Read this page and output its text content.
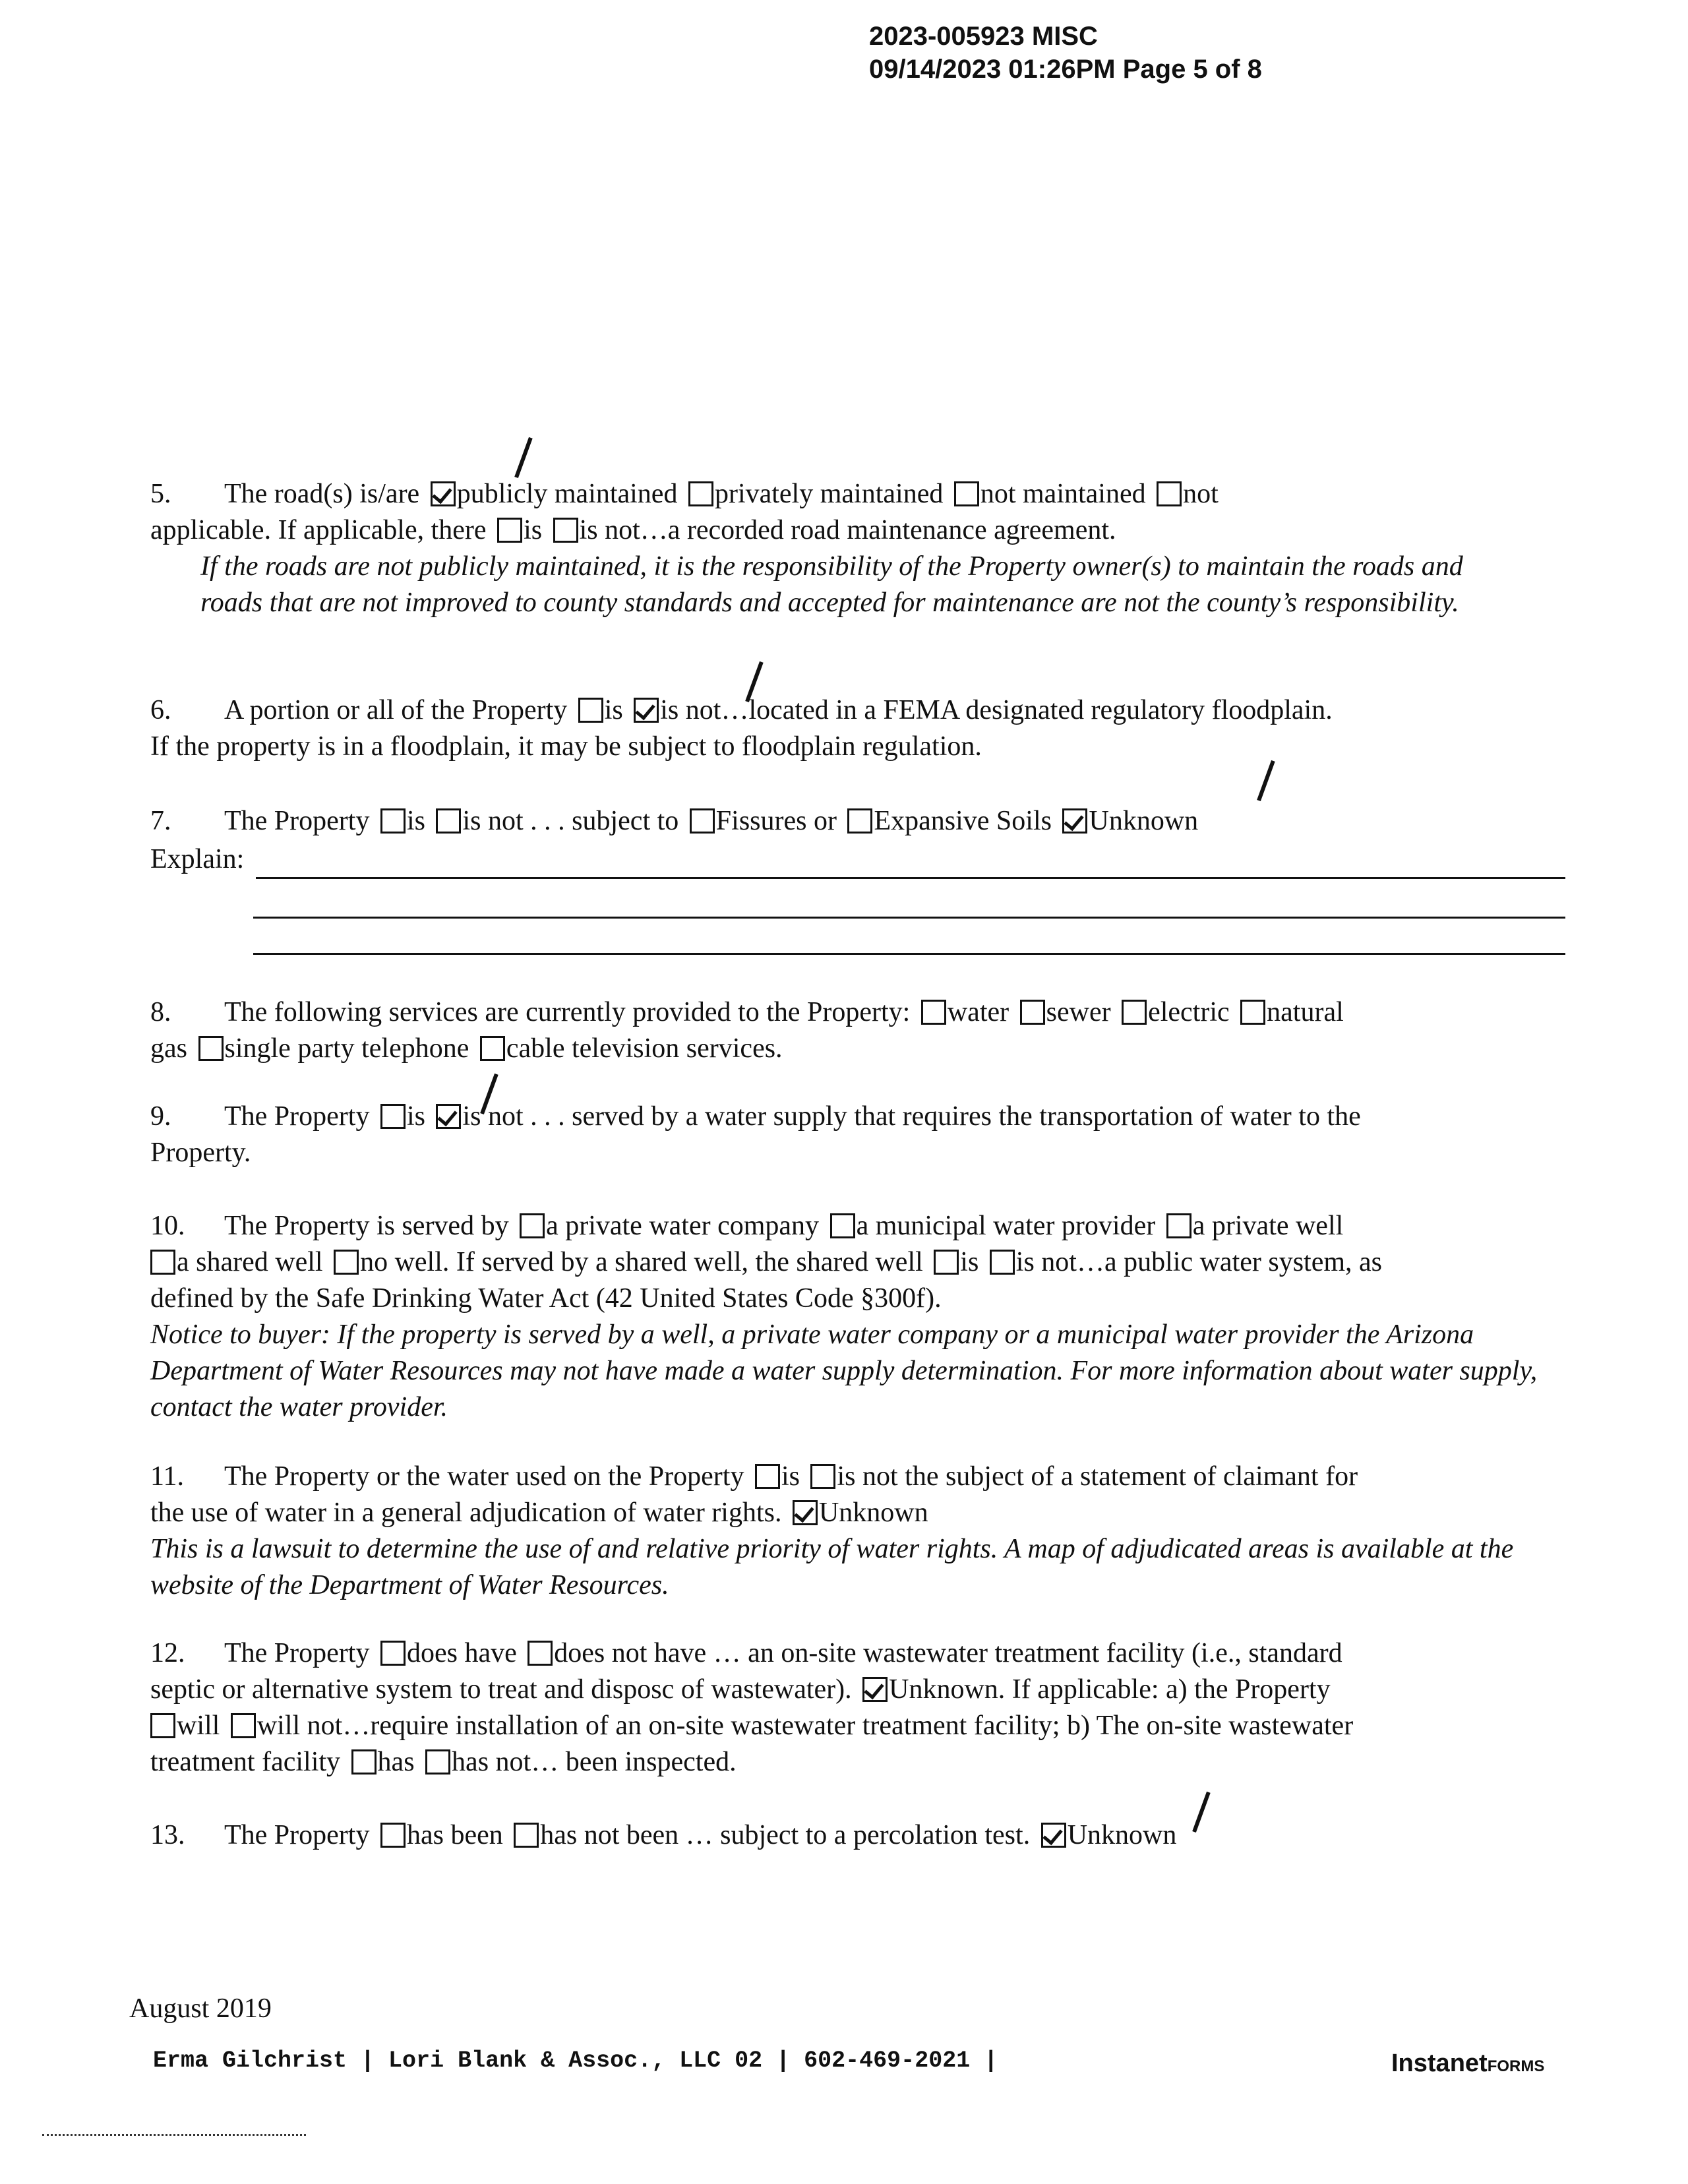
2023-005923 MISC
09/14/2023 01:26PM Page 5 of 8
5. The road(s) is/are publicly maintained privately maintained not maintained not
applicable. If applicable, there is is not…a recorded road maintenance agreement.
If the roads are not publicly maintained, it is the responsibility of the Property owner(s) to maintain the roads and roads that are not improved to county standards and accepted for maintenance are not the county’s responsibility.
6. A portion or all of the Property is is not…located in a FEMA designated regulatory floodplain.
If the property is in a floodplain, it may be subject to floodplain regulation.
7. The Property is is not . . . subject to Fissures or Expansive Soils Unknown
Explain:
8. The following services are currently provided to the Property: water sewer electric natural
gas single party telephone cable television services.
9. The Property is is not . . . served by a water supply that requires the transportation of water to the
Property.
10. The Property is served by a private water company a municipal water provider a private well
a shared well no well. If served by a shared well, the shared well is is not…a public water system, as
defined by the Safe Drinking Water Act (42 United States Code §300f).
Notice to buyer: If the property is served by a well, a private water company or a municipal water provider the Arizona Department of Water Resources may not have made a water supply determination. For more information about water supply, contact the water provider.
11. The Property or the water used on the Property is is not the subject of a statement of claimant for
the use of water in a general adjudication of water rights. Unknown
This is a lawsuit to determine the use of and relative priority of water rights. A map of adjudicated areas is available at the website of the Department of Water Resources.
12. The Property does have does not have … an on-site wastewater treatment facility (i.e., standard
septic or alternative system to treat and disposc of wastewater). Unknown. If applicable: a) the Property
will will not…require installation of an on-site wastewater treatment facility; b) The on-site wastewater
treatment facility has has not… been inspected.
13. The Property has been has not been … subject to a percolation test. Unknown
August 2019
Erma Gilchrist | Lori Blank & Assoc., LLC 02 | 602-469-2021 |	InstanetFORMS
